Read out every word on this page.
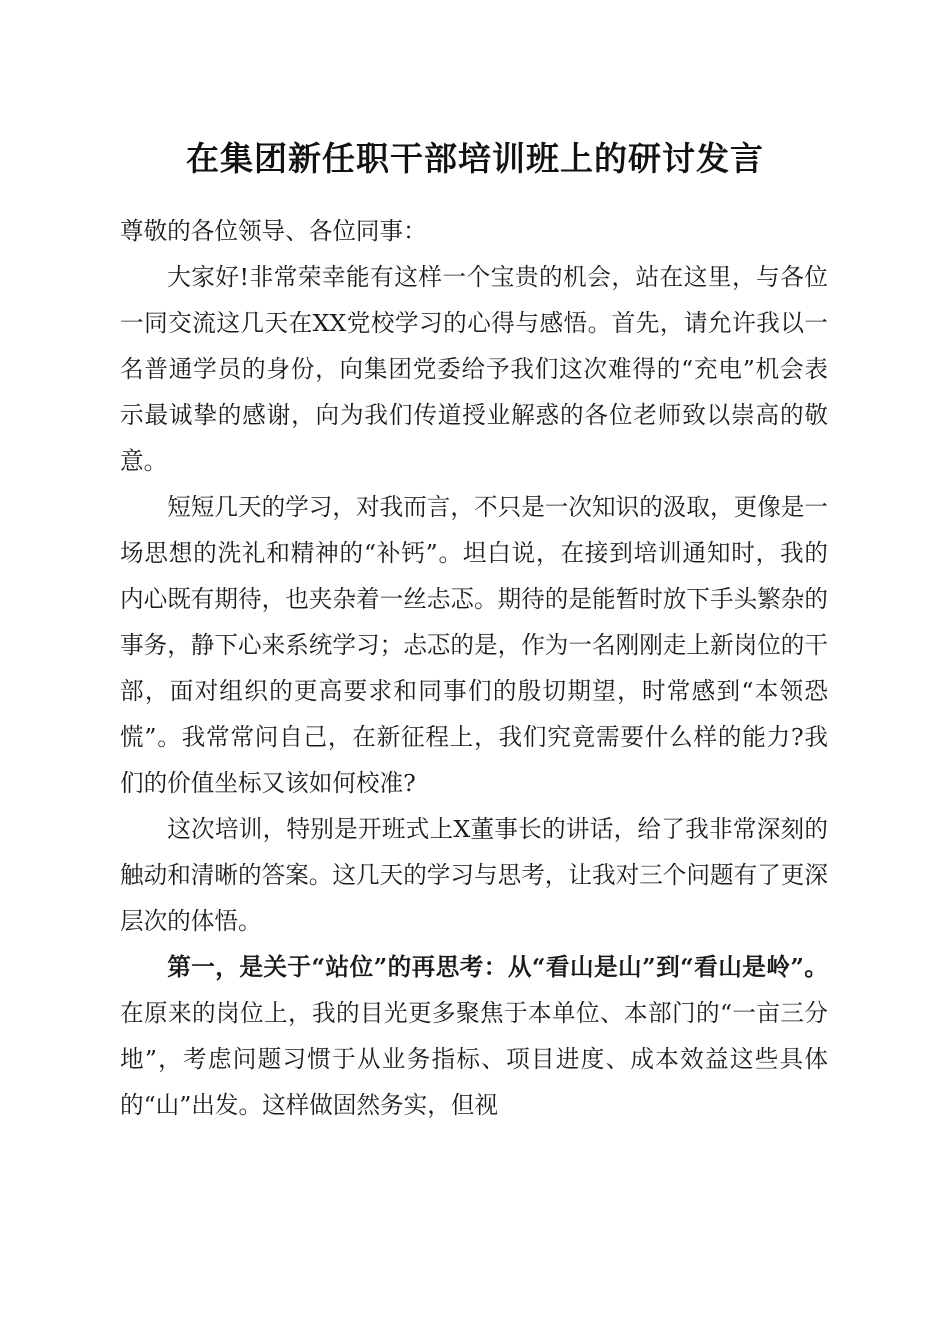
在集团新任职干部培训班上的研讨发言

尊敬的各位领导、各位同事：

大家好!非常荣幸能有这样一个宝贵的机会，站在这里，与各位一同交流这几天在XX党校学习的心得与感悟。首先，请允许我以一名普通学员的身份，向集团党委给予我们这次难得的“充电”机会表示最诚挚的感谢，向为我们传道授业解惑的各位老师致以崇高的敬意。

短短几天的学习，对我而言，不只是一次知识的汲取，更像是一场思想的洗礼和精神的“补钙”。坦白说，在接到培训通知时，我的内心既有期待，也夹杂着一丝忐忑。期待的是能暂时放下手头繁杂的事务，静下心来系统学习；忐忑的是，作为一名刚刚走上新岗位的干部，面对组织的更高要求和同事们的殷切期望，时常感到“本领恐慌”。我常常问自己，在新征程上，我们究竟需要什么样的能力?我们的价值坐标又该如何校准?

这次培训，特别是开班式上X董事长的讲话，给了我非常深刻的触动和清晰的答案。这几天的学习与思考，让我对三个问题有了更深层次的体悟。

第一，是关于“站位”的再思考：从“看山是山”到“看山是岭”。在原来的岗位上，我的目光更多聚焦于本单位、本部门的“一亩三分地”，考虑问题习惯于从业务指标、项目进度、成本效益这些具体的“山”出发。这样做固然务实，但视
